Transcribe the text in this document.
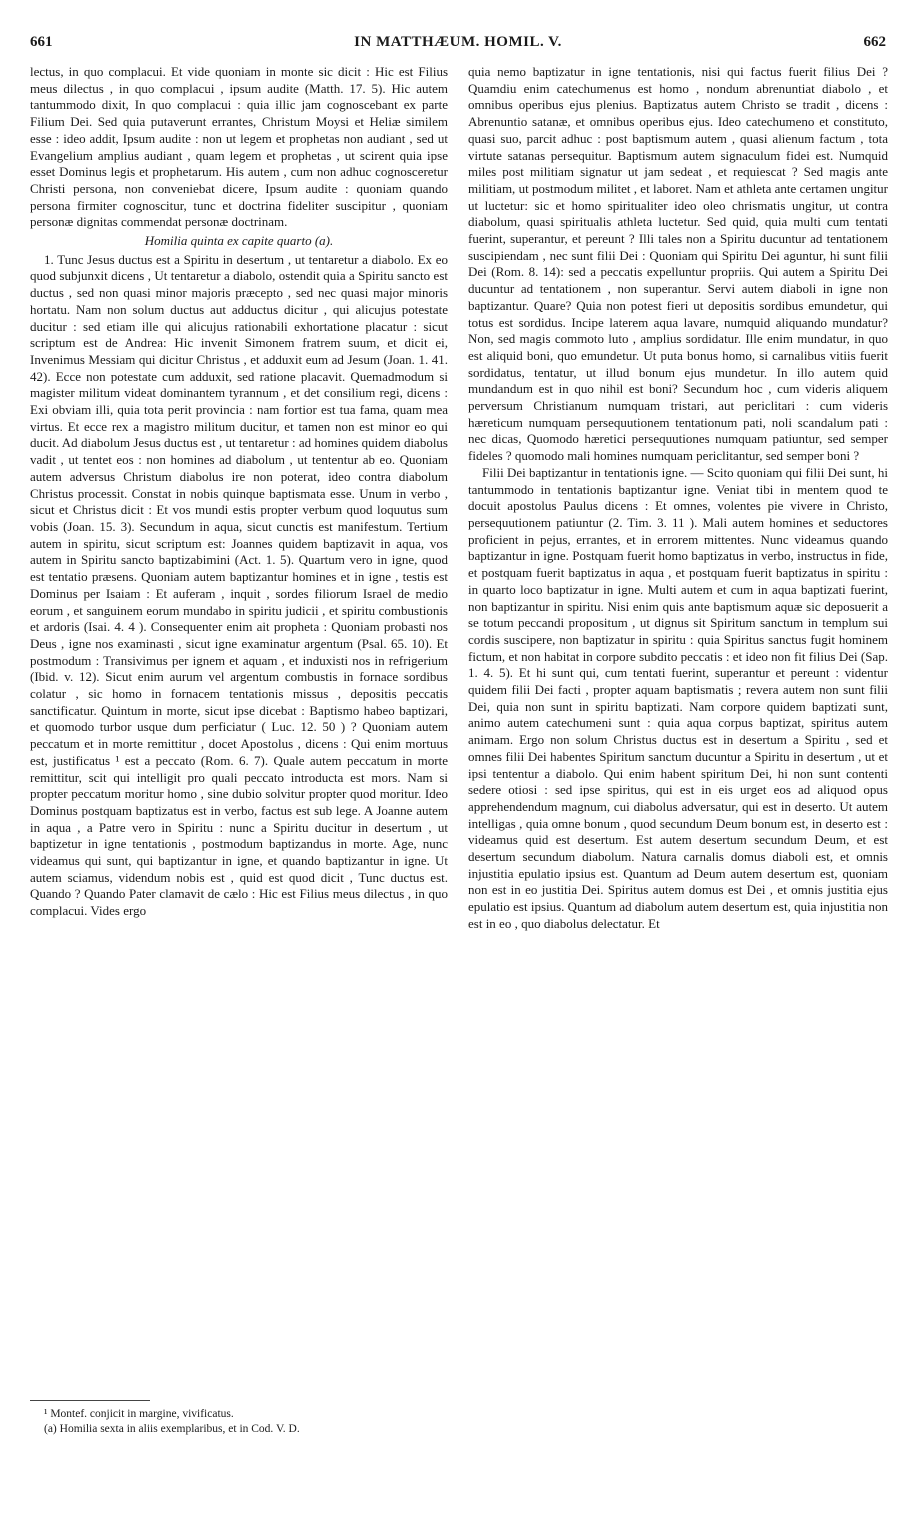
661	IN MATTHÆUM. HOMIL. V.	662

lectus, in quo complacui. Et vide quoniam in monte sic dicit : Hic est Filius meus dilectus , in quo complacui , ipsum audite (Matth. 17. 5). Hic autem tantummodo dixit, In quo complacui : quia illic jam cognoscebant ex parte Filium Dei. Sed quia putaverunt errantes, Christum Moysi et Heliæ similem esse : ideo addit, Ipsum audite : non ut legem et prophetas non audiant , sed ut Evangelium amplius audiant , quam legem et prophetas , ut scirent quia ipse esset Dominus legis et prophetarum. His autem , cum non adhuc cognosceretur Christi persona, non conveniebat dicere, Ipsum audite : quoniam quando persona firmiter cognoscitur, tunc et doctrina fideliter suscipitur , quoniam personæ dignitas commendat personæ doctrinam.

Homilia quinta ex capite quarto (a).

1. Tunc Jesus ductus est a Spiritu in desertum , ut tentaretur a diabolo. Ex eo quod subjunxit dicens , Ut tentaretur a diabolo, ostendit quia a Spiritu sancto est ductus , sed non quasi minor majoris præcepto , sed nec quasi major minoris hortatu. Nam non solum ductus aut adductus dicitur , qui alicujus potestate ducitur : sed etiam ille qui alicujus rationabili exhortatione placatur : sicut scriptum est de Andrea: Hic invenit Simonem fratrem suum, et dicit ei, Invenimus Messiam qui dicitur Christus , et adduxit eum ad Jesum (Joan. 1. 41. 42). Ecce non potestate cum adduxit, sed ratione placavit. Quemadmodum si magister militum videat dominantem tyrannum , et det consilium regi, dicens : Exi obviam illi, quia tota perit provincia : nam fortior est tua fama, quam mea virtus. Et ecce rex a magistro militum ducitur, et tamen non est minor eo qui ducit. Ad diabolum Jesus ductus est , ut tentaretur : ad homines quidem diabolus vadit , ut tentet eos : non homines ad diabolum , ut tententur ab eo. Quoniam autem adversus Christum diabolus ire non poterat, ideo contra diabolum Christus processit. Constat in nobis quinque baptismata esse. Unum in verbo , sicut et Christus dicit : Et vos mundi estis propter verbum quod loquutus sum vobis (Joan. 15. 3). Secundum in aqua, sicut cunctis est manifestum. Tertium autem in spiritu, sicut scriptum est: Joannes quidem baptizavit in aqua, vos autem in Spiritu sancto baptizabimini (Act. 1. 5). Quartum vero in igne, quod est tentatio præsens. Quoniam autem baptizantur homines et in igne , testis est Dominus per Isaiam : Et auferam , inquit , sordes filiorum Israel de medio eorum , et sanguinem eorum mundabo in spiritu judicii , et spiritu combustionis et ardoris (Isai. 4. 4 ). Consequenter enim ait propheta : Quoniam probasti nos Deus , igne nos examinasti , sicut igne examinatur argentum (Psal. 65. 10). Et postmodum : Transivimus per ignem et aquam , et induxisti nos in refrigerium (Ibid. v. 12). Sicut enim aurum vel argentum combustis in fornace sordibus colatur , sic homo in fornacem tentationis missus , depositis peccatis sanctificatur. Quintum in morte, sicut ipse dicebat : Baptismo habeo baptizari, et quomodo turbor usque dum perficiatur ( Luc. 12. 50 ) ? Quoniam autem peccatum et in morte remittitur , docet Apostolus , dicens : Qui enim mortuus est, justificatus ¹ est a peccato (Rom. 6. 7). Quale autem peccatum in morte remittitur, scit qui intelligit pro quali peccato introducta est mors. Nam si propter peccatum moritur homo , sine dubio solvitur propter quod moritur. Ideo Dominus postquam baptizatus est in verbo, factus est sub lege. A Joanne autem in aqua , a Patre vero in Spiritu : nunc a Spiritu ducitur in desertum , ut baptizetur in igne tentationis , postmodum baptizandus in morte. Age, nunc videamus qui sunt, qui baptizantur in igne, et quando baptizantur in igne. Ut autem sciamus, videndum nobis est , quid est quod dicit , Tunc ductus est. Quando ? Quando Pater clamavit de cælo : Hic est Filius meus dilectus , in quo complacui. Vides ergo

quia nemo baptizatur in igne tentationis, nisi qui factus fuerit filius Dei ? Quamdiu enim catechumenus est homo , nondum abrenuntiat diabolo , et omnibus operibus ejus plenius. Baptizatus autem Christo se tradit , dicens : Abrenuntio satanæ, et omnibus operibus ejus. Ideo catechumeno et constituto, quasi suo, parcit adhuc : post baptismum autem , quasi alienum factum , tota virtute satanas persequitur. Baptismum autem signaculum fidei est. Numquid miles post militiam signatur ut jam sedeat , et requiescat ? Sed magis ante militiam, ut postmodum militet , et laboret. Nam et athleta ante certamen ungitur ut luctetur: sic et homo spiritualiter ideo oleo chrismatis ungitur, ut contra diabolum, quasi spiritualis athleta luctetur. Sed quid, quia multi cum tentati fuerint, superantur, et pereunt ? Illi tales non a Spiritu ducuntur ad tentationem suscipiendam , nec sunt filii Dei : Quoniam qui Spiritu Dei aguntur, hi sunt filii Dei (Rom. 8. 14): sed a peccatis expelluntur propriis. Qui autem a Spiritu Dei ducuntur ad tentationem , non superantur. Servi autem diaboli in igne non baptizantur. Quare? Quia non potest fieri ut depositis sordibus emundetur, qui totus est sordidus. Incipe laterem aqua lavare, numquid aliquando mundatur? Non, sed magis commoto luto , amplius sordidatur. Ille enim mundatur, in quo est aliquid boni, quo emundetur. Ut puta bonus homo, si carnalibus vitiis fuerit sordidatus, tentatur, ut illud bonum ejus mundetur. In illo autem quid mundandum est in quo nihil est boni? Secundum hoc , cum videris aliquem perversum Christianum numquam tristari, aut periclitari : cum videris hæreticum numquam persequutionem tentationum pati, noli scandalum pati : nec dicas, Quomodo hæretici persequutiones numquam patiuntur, sed semper fideles ? quomodo mali homines numquam periclitantur, sed semper boni ?

Filii Dei baptizantur in tentationis igne. — Scito quoniam qui filii Dei sunt, hi tantummodo in tentationis baptizantur igne. Veniat tibi in mentem quod te docuit apostolus Paulus dicens : Et omnes, volentes pie vivere in Christo, persequutionem patiuntur (2. Tim. 3. 11 ). Mali autem homines et seductores proficient in pejus, errantes, et in errorem mittentes. Nunc videamus quando baptizantur in igne. Postquam fuerit homo baptizatus in verbo, instructus in fide, et postquam fuerit baptizatus in aqua , et postquam fuerit baptizatus in spiritu : in quarto loco baptizatur in igne. Multi autem et cum in aqua baptizati fuerint, non baptizantur in spiritu. Nisi enim quis ante baptismum aquæ sic deposuerit a se totum peccandi propositum , ut dignus sit Spiritum sanctum in templum sui cordis suscipere, non baptizatur in spiritu : quia Spiritus sanctus fugit hominem fictum, et non habitat in corpore subdito peccatis : et ideo non fit filius Dei (Sap. 1. 4. 5). Et hi sunt qui, cum tentati fuerint, superantur et pereunt : videntur quidem filii Dei facti , propter aquam baptismatis ; revera autem non sunt filii Dei, quia non sunt in spiritu baptizati. Nam corpore quidem baptizati sunt, animo autem catechumeni sunt : quia aqua corpus baptizat, spiritus autem animam. Ergo non solum Christus ductus est in desertum a Spiritu , sed et omnes filii Dei habentes Spiritum sanctum ducuntur a Spiritu in desertum , ut et ipsi tententur a diabolo. Qui enim habent spiritum Dei, hi non sunt contenti sedere otiosi : sed ipse spiritus, qui est in eis urget eos ad aliquod opus apprehendendum magnum, cui diabolus adversatur, qui est in deserto. Ut autem intelligas , quia omne bonum , quod secundum Deum bonum est, in deserto est : videamus quid est desertum. Est autem desertum secundum Deum, et est desertum secundum diabolum. Natura carnalis domus diaboli est, et omnis injustitia epulatio ipsius est. Quantum ad Deum autem desertum est, quoniam non est in eo justitia Dei. Spiritus autem domus est Dei , et omnis justitia ejus epulatio est ipsius. Quantum ad diabolum autem desertum est, quia injustitia non est in eo , quo diabolus delectatur. Et

¹ Montef. conjicit in margine, vivificatus.

(a) Homilia sexta in aliis exemplaribus, et in Cod. V. D.
